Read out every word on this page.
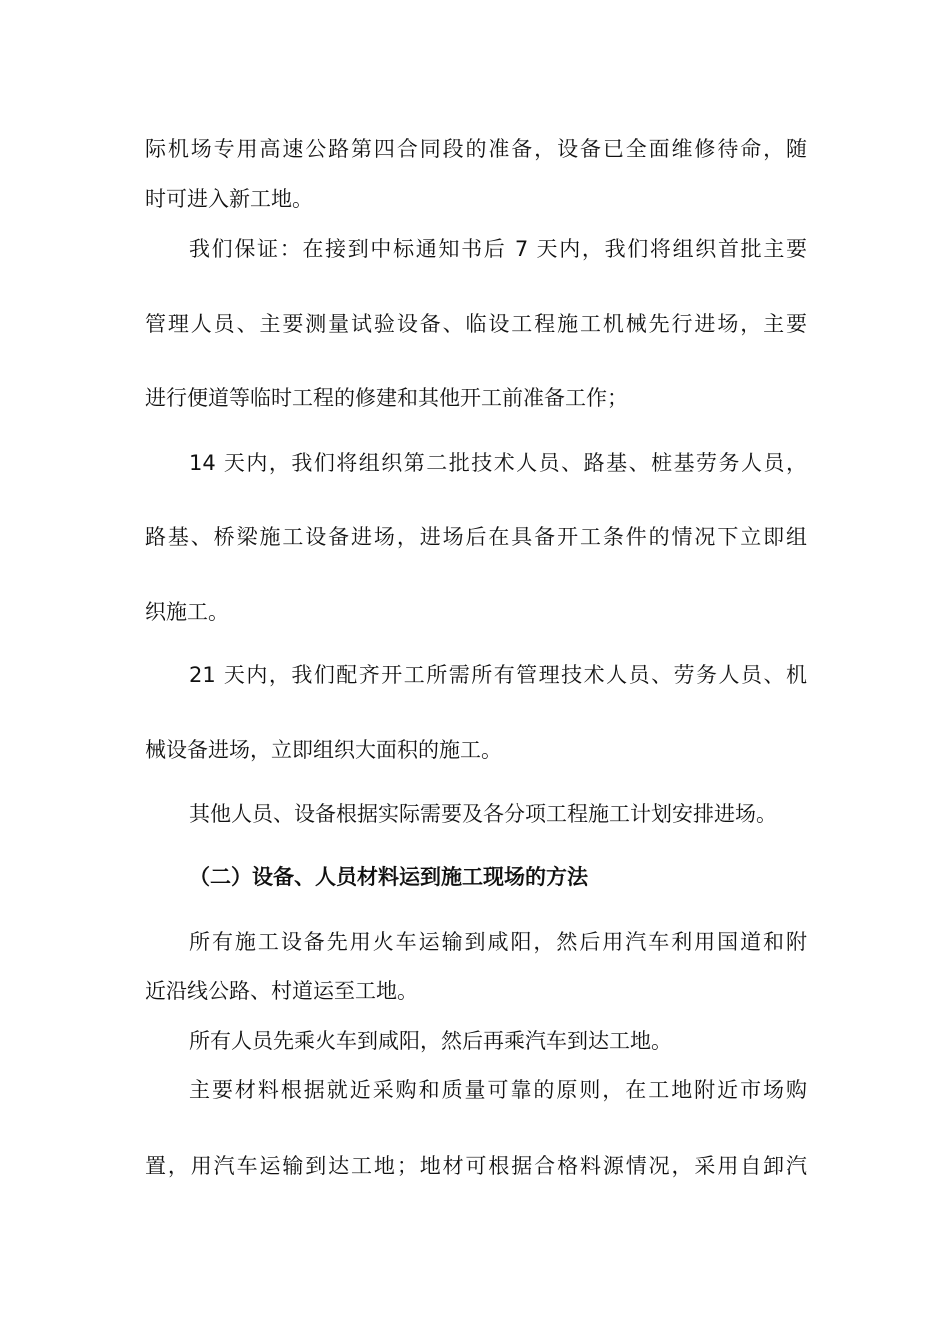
际机场专用高速公路第四合同段的准备，设备已全面维修待命，随
时可进入新工地。
我们保证：在接到中标通知书后 7 天内，我们将组织首批主要
管理人员、主要测量试验设备、临设工程施工机械先行进场，主要
进行便道等临时工程的修建和其他开工前准备工作；
14 天内，我们将组织第二批技术人员、路基、桩基劳务人员，
路基、桥梁施工设备进场，进场后在具备开工条件的情况下立即组
织施工。
21 天内，我们配齐开工所需所有管理技术人员、劳务人员、机
械设备进场，立即组织大面积的施工。
其他人员、设备根据实际需要及各分项工程施工计划安排进场。
（二）设备、人员材料运到施工现场的方法
所有施工设备先用火车运输到咸阳，然后用汽车利用国道和附
近沿线公路、村道运至工地。
所有人员先乘火车到咸阳，然后再乘汽车到达工地。
主要材料根据就近采购和质量可靠的原则，在工地附近市场购
置，用汽车运输到达工地；地材可根据合格料源情况，采用自卸汽
